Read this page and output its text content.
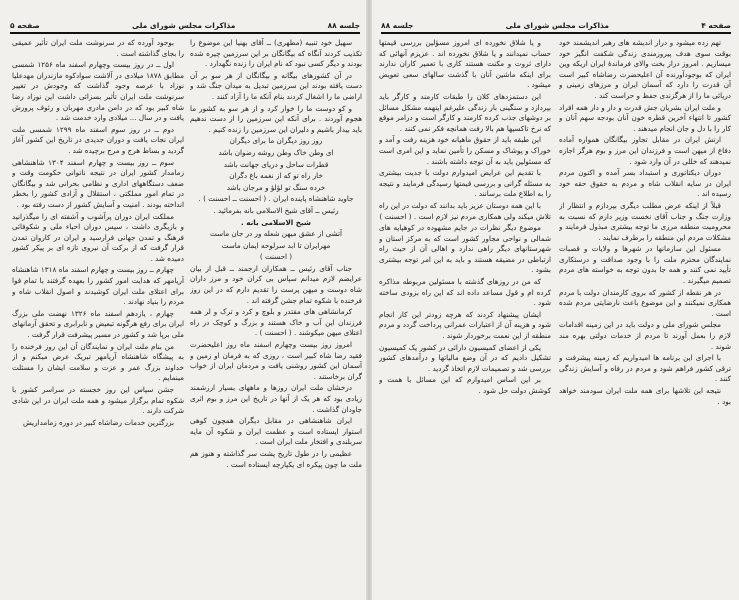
صفحه ۵	مذاکرات مجلس شورای ملی	جلسه ۸۸

بوجود آورده که در سرنوشت ملت ایران تأثیر عمیقی را بجای گذاشته است .

اول ــ در روز بیست وچهارم اسفند ماه ۱۲۵۶ شمسی مطابق ۱۸۷۸ میلادی در آلاشت سوادکوه مازندران مهدعلیا نوزاد با عرصه وجود گذاشت که وجودش در تغییر سرنوشت ملت ایران تأثیر بسزائی داشت این نوزاد رضا شاه کبیر بود که در دامن مادری مهربان و رئوف پرورش یافت و در سال ... میلادی وارد خدمت شد .

دوم ــ در روز سوم اسفند ماه ۱۲۹۹ شمسی ملت ایران نجات یافت و دوران جدیدی در تاریخ این کشور آغاز گردید و بساط هرج و مرج برچیده شد .

سوم ــ روز بیست و چهارم اسفند ۱۳۰۴ شاهنشاهی زمامدار کشور ایران در نتیجه ناتوانی حکومت وقت و ضعف دستگاههای اداری و نظامی بحرانی شد و بیگانگان در تمام امور مملکتی ، استقلال و آزادی کشور را بخطر انداخته بودند . امنیت و آسایش کشور از دست رفته بود .

مملکت ایران دوران پرآشوب و آشفته ای را میگذرانید و بازیگری داشت ، سپس دوران احیاء ملی و شکوفائی فرهنگ و تمدن جهانی فرارسید و ایران در کاروان تمدن قرار گرفت که از برکت آن نیروی تازه ای بر پیکر کشور دمیده شد .

چهارم ــ روز بیست و چهارم اسفند ماه ۱۳۱۸ شاهنشاه آریامهر که هدایت امور کشور را بعهده گرفتند با تمام قوا برای اعتلای ملت ایران کوشیدند و اصول انقلاب شاه و مردم را بنیاد نهادند .

چهارم ، یازدهم اسفند ماه ۱۳۲۶ نهضت ملی بزرگ ایران برای رفع هرگونه تبعیض و نابرابری و تحقق آرمانهای ملی برپا شد و کشور در مسیر پیشرفت قرار گرفت .

من بنام ملت ایران و نمایندگان آن این روز فرخنده را به پیشگاه شاهنشاه آریامهر تبریک عرض میکنم و از خداوند بزرگ عمر و عزت و سلامت ایشان را مسئلت مینمایم .

جشن سپاس این روز خجسته در سراسر کشور با شکوه تمام برگزار میشود و همه ملت ایران در این شادی شرکت دارند .

بزرگترین خدمات رضاشاه کبیر در دوره زمامداریش

سهیل خود تنبیه (مطهری) ــ آقای بهنیا این موضوع را تکذیب کردند آنگاه که بیگانگان بر این سرزمین چیره شده بودند و دیگر کسی نبود که نام ایران را زنده نگهدارد .

در آن کشورهای بیگانه و بیگانگان از هر سو بر آن دست یافته بودند این سرزمین تبدیل به میدان جنگ شد و اراضی ما را اشغال کردند بنام آنکه ما را آزاد کنند .

و کو دوست ما را خوار کرد و از هر سو به کشور ما هجوم آوردند . برای آنکه این سرزمین را از دست ندهیم باید بیدار باشیم و دلیران این سرزمین را زنده کنیم .

روز روز دیگران ما برای دیگران

ای وطن خاک وطن روشه رضوان باشد

قطرات ساحل و دریای جهانت باشد

خار راه تو که از نغمه باغ دگران

خرده سنگ تو لؤلؤ و مرجان باشد

جاوید شاهنشاه پاینده ایران . ( احسنت ــ احسنت ) .

رئیس ــ آقای شیخ الاسلامی بانه بفرمائید .

شیخ الاسلامی بانه .

آتشی از عشق میهن شعله ور در جان ماست

مهرایران تا ابد سرلوحه ایمان ماست

( احسنت )

جناب آقای رئیس ــ همکاران ارجمند ــ قبل از بیان عرایضم لازم میدانم سپاس بی کران خود و مرز داران شاه دوست و میهن پرست را تقدیم دارم که در این روز فرخنده با شکوه تمام جشن گرفته اند .

کرمانشاهی های مقتدر و بلوچ و کرد و ترک و لر همه فرزندان این آب و خاک هستند و بزرگ و کوچک در راه اعتلای میهن میکوشند . ( احسنت ) .

امروز روز بیست وچهارم اسفند ماه روز اعلیحضرت فقید رضا شاه کبیر است ، روزی که به فرمان او زمین و آسمان این کشور روشنی یافت و مردمان ایران از خواب گران برخاستند .

درخشان ملت ایران روزها و ماههای بسیار ارزشمند زیادی بود که هر یک از آنها در تاریخ این مرز و بوم اثری جاودان گذاشت .

ایران شاهنشاهی در مقابل دیگران همچون کوهی استوار ایستاده است و عظمت ایران و شکوه آن مایه سربلندی و افتخار ملت ایران است .

عظیمی را در طول تاریخ پشت سر گذاشته و هنوز هم ملت ما چون پیکره ای یکپارچه ایستاده است .

جلسه ۸۸	مذاکرات مجلس شورای ملی	صفحه ۴

و یا شلاق نخورده ای امروز مسؤلین بررسی قیمتها حساب نمیدانند و یا شلاق نخورده اند . عزیزم آنهائی که دارای ثروت و مکنت هستند کاری با تعمیر کاران ندارند برای اینکه ماشین آنان با گذشت سالهای سعی تعویض میشود .

این دستمزدهای کلان را طبقات کارمند و کارگر باید بپردازد و سنگینی بار زندگی علیرغم اینهمه مشکل مسائل بر دوشهای جذب کرده کارمند و کارگر است و درامر موقع که نرخ تاکسیها هم بالا رفت همانچه فکر نمی کنند .

این طبقه باید از حقوق ماهیانه خود هزینه رفت و آمد و خوراک و پوشاک و مسکن را تأمین نماید و این امری است که مسئولین باید به آن توجه داشته باشند .

با تقدیم این عرایض امیدوارم دولت با جدیت بیشتری به مسئله گرانی و بررسی قیمتها رسیدگی فرمایند و نتیجه را به اطلاع ملت برسانند .

با این همه دوستان عزیز باید بدانند که دولت در این راه تلاش میکند ولی همکاری مردم نیز لازم است . ( احسنت )

موضوع دیگر نظرات در جایم مشهوده در کوهپایه های شمالی و نواحی مجاور کشور است که به مرکز استان و شهرستانهای دیگر راهی ندارد و اهالی آن از حیث راه ارتباطی در مضیقه هستند و باید به این امر توجه بیشتری بشود .

که من در روزهای گذشته با مسئولین مربوطه مذاکره کرده ام و قول مساعد داده اند که این راه بزودی ساخته شود .

ایشان پیشنهاد کردند که هرچه زودتر این کار انجام شود و هزینه آن از اعتبارات عمرانی پرداخت گردد و مردم منطقه از این نعمت برخوردار شوند .

یکی از اعضای کمیسیون دارائی در کشور یک کمیسیون تشکیل دادیم که در آن وضع مالیاتها و درآمدهای کشور بررسی شد و تصمیمات لازم اتخاذ گردید .

بر این اساس امیدوارم که این مسائل با همت و کوشش دولت حل شود .

تهم زده میشود و دراز اندیشه های رهبر اندیشمند خود بوقت سوی هدف پیروزمندی زندگی شکفت انگیز خود میسازیم . امروز دراز بخت والای فرماندهٔ ایران اریکه وین ایران که بوجودآورنده آن اعلیحضرت رضاشاه کبیر است آن قدرت را دارد که آسمان ایران و مرزهای زمینی و دریائی ما را از هرگزندی حفظ و حراست کند .

و ملت ایران بشریان جش قدرت و دار و دار همه افراد کشور تا انتهاء آخرین قطره خون آنان بودجه سهم آنان و کار را با دل و جان انجام میدهند .

ارتش ایران در مقابل تجاوز بیگانگان همواره آماده دفاع از میهن است و فرزندان این مرز و بوم هرگز اجازه نمیدهند که خللی در آن وارد شود .

دوران دیکتاتوری و استبداد بسر آمده و اکنون مردم ایران در سایه انقلاب شاه و مردم به حقوق حقه خود رسیده اند .

قبلاً از اینکه عرض مطلب دیگری بپردازم و انتظار از وزارت جنگ و جناب آقای نخست وزیر دارم که نسبت به محرومیت منطقه مرزی ما توجه بیشتری مبذول فرمایند و مشکلات مردم این منطقه را برطرف نمایند .

مسئول این سازمانها در شهرها و ولایات و قصبات نمایندگان محترم ملت را با وجود صداقت و درستکاری تأیید نمی کنند و همه جا بدون توجه به خواسته های مردم تصمیم میگیرند .

در هر نقطه از کشور که بروی کارمندان دولت با مردم همکاری نمیکنند و این موضوع باعث نارضایتی مردم شده است .

مجلس شورای ملی و دولت باید در این زمینه اقدامات لازم را بعمل آورند تا مردم از خدمات دولتی بهره مند شوند .

با اجرای این برنامه ها امیدواریم که زمینه پیشرفت و ترقی کشور فراهم شود و مردم در رفاه و آسایش زندگی کنند .

نتیجه این تلاشها برای همه ملت ایران سودمند خواهد بود .
